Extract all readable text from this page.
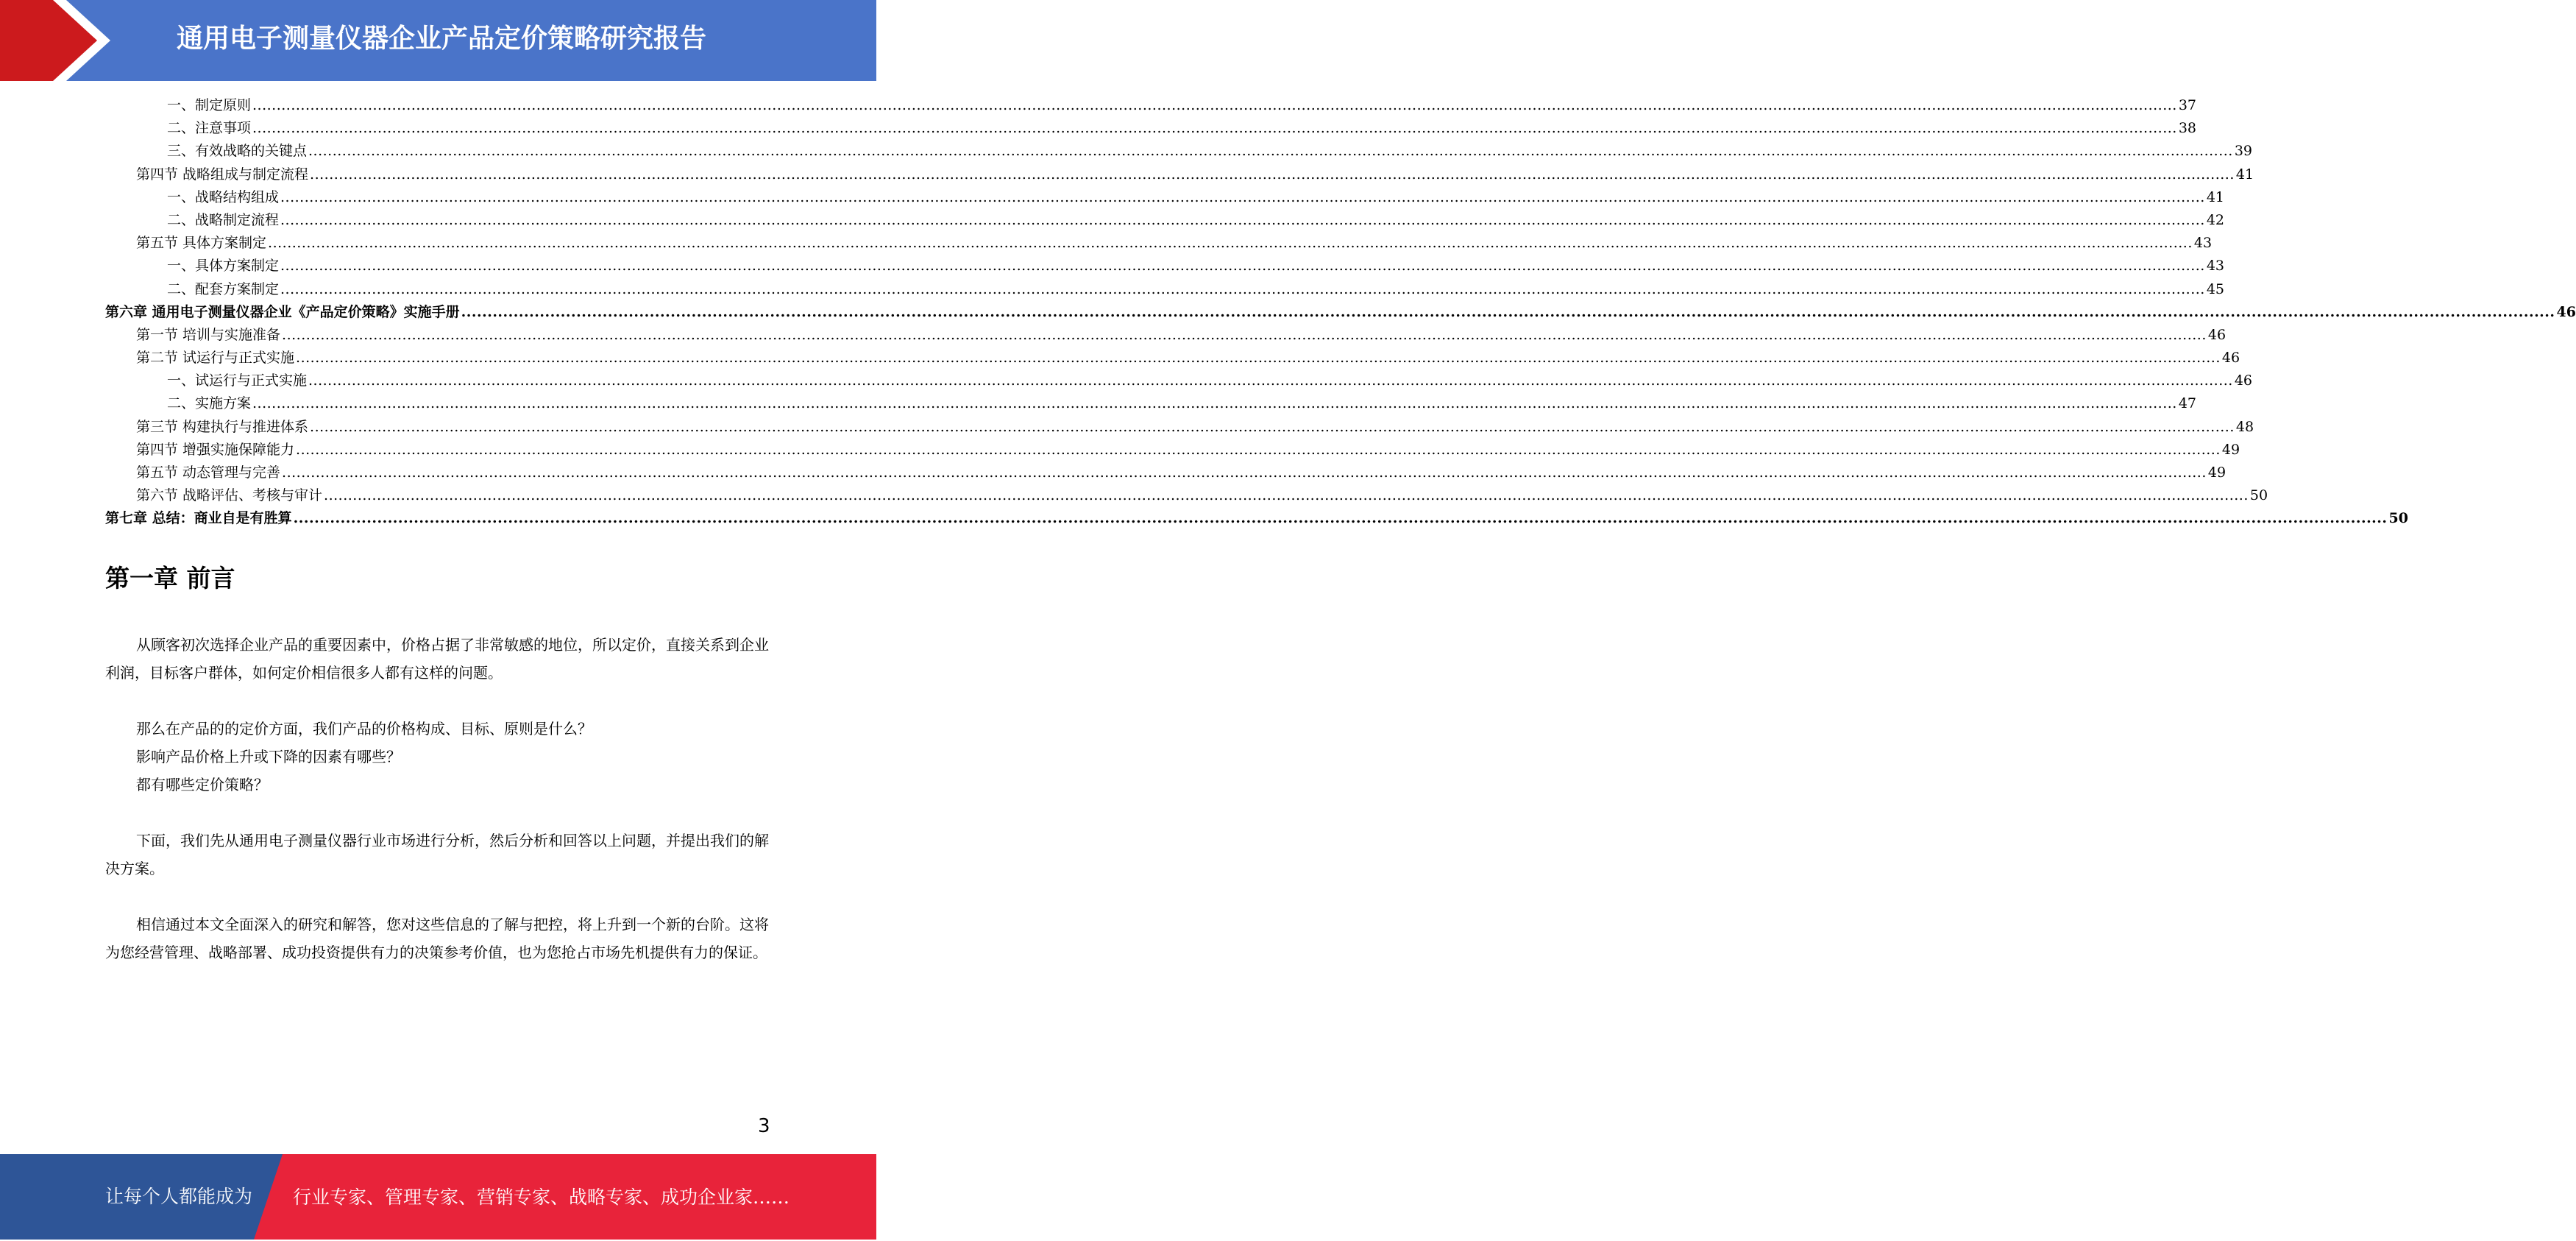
通用电子测量仪器企业产品定价策略研究报告
一、制定原则 ................................................................................................................................................................................................................................................................................................................................................................................................................ 37
二、注意事项 ................................................................................................................................................................................................................................................................................................................................................................................................................ 38
三、有效战略的关键点 ................................................................................................................................................................................................................................................................................................................................................................................................................ 39
第四节 战略组成与制定流程 ................................................................................................................................................................................................................................................................................................................................................................................................................ 41
一、战略结构组成 ................................................................................................................................................................................................................................................................................................................................................................................................................ 41
二、战略制定流程 ................................................................................................................................................................................................................................................................................................................................................................................................................ 42
第五节 具体方案制定 ................................................................................................................................................................................................................................................................................................................................................................................................................ 43
一、具体方案制定 ................................................................................................................................................................................................................................................................................................................................................................................................................ 43
二、配套方案制定 ................................................................................................................................................................................................................................................................................................................................................................................................................ 45
第六章 通用电子测量仪器企业《产品定价策略》实施手册 ................................................................................................................................................................................................................................................................................................................................................................................................................ 46
第一节 培训与实施准备 ................................................................................................................................................................................................................................................................................................................................................................................................................ 46
第二节 试运行与正式实施 ................................................................................................................................................................................................................................................................................................................................................................................................................ 46
一、试运行与正式实施 ................................................................................................................................................................................................................................................................................................................................................................................................................ 46
二、实施方案 ................................................................................................................................................................................................................................................................................................................................................................................................................ 47
第三节 构建执行与推进体系 ................................................................................................................................................................................................................................................................................................................................................................................................................ 48
第四节 增强实施保障能力 ................................................................................................................................................................................................................................................................................................................................................................................................................ 49
第五节 动态管理与完善 ................................................................................................................................................................................................................................................................................................................................................................................................................ 49
第六节 战略评估、考核与审计 ................................................................................................................................................................................................................................................................................................................................................................................................................ 50
第七章 总结：商业自是有胜算 ................................................................................................................................................................................................................................................................................................................................................................................................................ 50
第一章 前言
从顾客初次选择企业产品的重要因素中，价格占据了非常敏感的地位，所以定价，直接关系到企业利润，目标客户群体，如何定价相信很多人都有这样的问题。
那么在产品的的定价方面，我们产品的价格构成、目标、原则是什么？
影响产品价格上升或下降的因素有哪些？
都有哪些定价策略？
下面，我们先从通用电子测量仪器行业市场进行分析，然后分析和回答以上问题，并提出我们的解决方案。
相信通过本文全面深入的研究和解答，您对这些信息的了解与把控，将上升到一个新的台阶。这将为您经营管理、战略部署、成功投资提供有力的决策参考价值，也为您抢占市场先机提供有力的保证。
3
让每个人都能成为 行业专家、管理专家、营销专家、战略专家、成功企业家……
